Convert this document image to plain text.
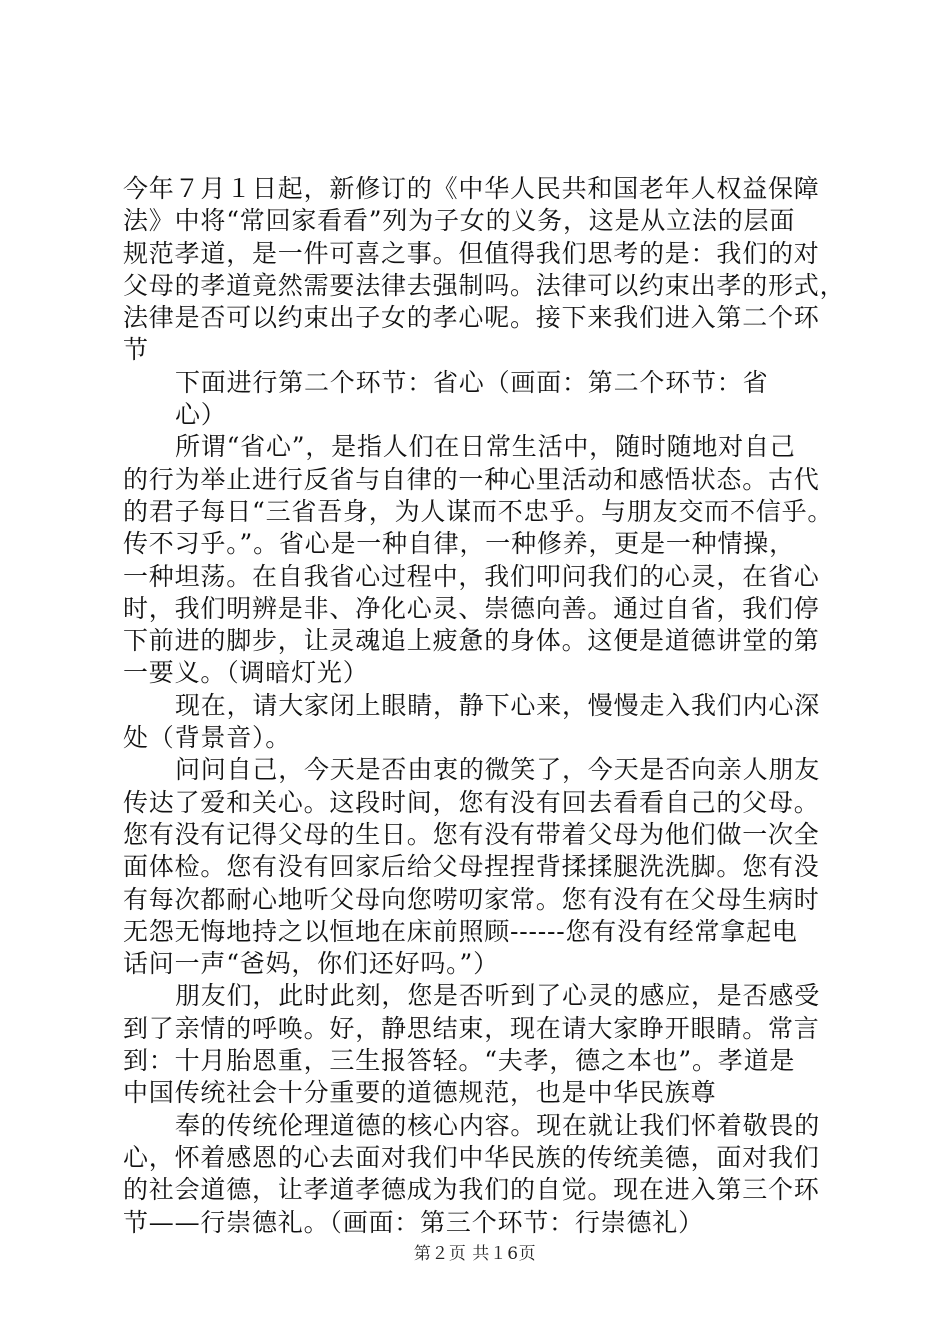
今年７月１日起，新修订的《中华人民共和国老年人权益保障
法》中将“常回家看看”列为子女的义务，这是从立法的层面
规范孝道，是一件可喜之事。但值得我们思考的是：我们的对
父母的孝道竟然需要法律去强制吗。法律可以约束出孝的形式，
法律是否可以约束出子女的孝心呢。接下来我们进入第二个环
节
下面进行第二个环节：省心（画面：第二个环节：省
心）
所谓“省心”，是指人们在日常生活中，随时随地对自己
的行为举止进行反省与自律的一种心里活动和感悟状态。古代
的君子每日“三省吾身，为人谋而不忠乎。与朋友交而不信乎。
传不习乎。”。省心是一种自律，一种修养，更是一种情操，
一种坦荡。在自我省心过程中，我们叩问我们的心灵，在省心
时，我们明辨是非、净化心灵、崇德向善。通过自省，我们停
下前进的脚步，让灵魂追上疲惫的身体。这便是道德讲堂的第
一要义。（调暗灯光）
现在，请大家闭上眼睛，静下心来，慢慢走入我们内心深
处（背景音）。
问问自己，今天是否由衷的微笑了，今天是否向亲人朋友
传达了爱和关心。这段时间，您有没有回去看看自己的父母。
您有没有记得父母的生日。您有没有带着父母为他们做一次全
面体检。您有没有回家后给父母捏捏背揉揉腿洗洗脚。您有没
有每次都耐心地听父母向您唠叨家常。您有没有在父母生病时
无怨无悔地持之以恒地在床前照顾------您有没有经常拿起电
话问一声“爸妈，你们还好吗。”）
朋友们，此时此刻，您是否听到了心灵的感应，是否感受
到了亲情的呼唤。好，静思结束，现在请大家睁开眼睛。常言
到：十月胎恩重，三生报答轻。“夫孝，德之本也”。孝道是
中国传统社会十分重要的道德规范，也是中华民族尊
奉的传统伦理道德的核心内容。现在就让我们怀着敬畏的
心，怀着感恩的心去面对我们中华民族的传统美德，面对我们
的社会道德，让孝道孝德成为我们的自觉。现在进入第三个环
节——行崇德礼。（画面：第三个环节：行崇德礼）
第２页 共１6页
